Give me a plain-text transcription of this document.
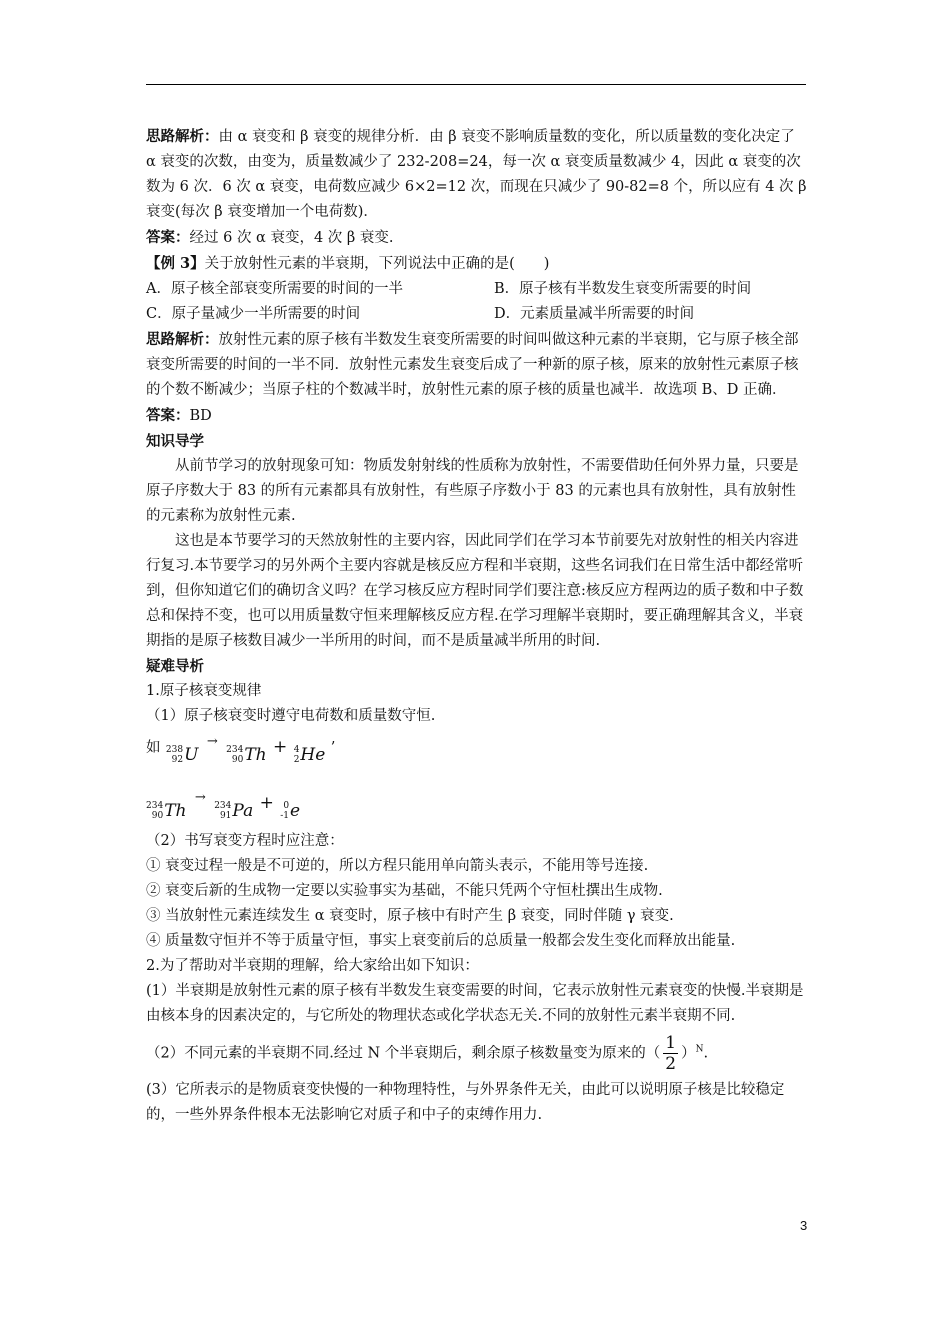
思路解析：由 α 衰变和 β 衰变的规律分析．由 β 衰变不影响质量数的变化，所以质量数的变化决定了 α 衰变的次数，由变为，质量数减少了 232-208=24，每一次 α 衰变质量数减少 4，因此 α 衰变的次数为 6 次．6 次 α 衰变，电荷数应减少 6×2=12 次，而现在只减少了 90-82=8 个，所以应有 4 次 β 衰变(每次 β 衰变增加一个电荷数)．

答案：经过 6 次 α 衰变，4 次 β 衰变.

【例 3】关于放射性元素的半衰期，下列说法中正确的是(　　)

A．原子核全部衰变所需要的时间的一半	B．原子核有半数发生衰变所需要的时间
C．原子量减少一半所需要的时间	D．元素质量减半所需要的时间

思路解析：放射性元素的原子核有半数发生衰变所需要的时间叫做这种元素的半衰期，它与原子核全部衰变所需要的时间的一半不同．放射性元素发生衰变后成了一种新的原子核，原来的放射性元素原子核的个数不断减少；当原子柱的个数减半时，放射性元素的原子核的质量也减半．故选项 B、D 正确．

答案：BD

知识导学

从前节学习的放射现象可知：物质发射射线的性质称为放射性，不需要借助任何外界力量，只要是原子序数大于 83 的所有元素都具有放射性，有些原子序数小于 83 的元素也具有放射性，具有放射性的元素称为放射性元素.

这也是本节要学习的天然放射性的主要内容，因此同学们在学习本节前要先对放射性的相关内容进行复习.本节要学习的另外两个主要内容就是核反应方程和半衰期，这些名词我们在日常生活中都经常听到，但你知道它们的确切含义吗？在学习核反应方程时同学们要注意:核反应方程两边的质子数和中子数总和保持不变，也可以用质量数守恒来理解核反应方程.在学习理解半衰期时，要正确理解其含义，半衰期指的是原子核数目减少一半所用的时间，而不是质量减半所用的时间.

疑难导析

1.原子核衰变规律

（1）原子核衰变时遵守电荷数和质量数守恒.

如 238
92 U
→
234
90 Th + 4
2 He ’
234
90 Th
→
234
91 Pa +	0
-1 e

（2）书写衰变方程时应注意：

① 衰变过程一般是不可逆的，所以方程只能用单向箭头表示，不能用等号连接.

② 衰变后新的生成物一定要以实验事实为基础，不能只凭两个守恒杜撰出生成物.

③ 当放射性元素连续发生 α 衰变时，原子核中有时产生 β 衰变，同时伴随 γ 衰变.

④ 质量数守恒并不等于质量守恒，事实上衰变前后的总质量一般都会发生变化而释放出能量.

2.为了帮助对半衰期的理解，给大家给出如下知识：

(1）半衰期是放射性元素的原子核有半数发生衰变需要的时间，它表示放射性元素衰变的快慢.半衰期是由核本身的因素决定的，与它所处的物理状态或化学状态无关.不同的放射性元素半衰期不同.

（2）不同元素的半衰期不同.经过 N 个半衰期后，剩余原子核数量变为原来的（ $\frac{1}{2} )^N$.

(3）它所表示的是物质衰变快慢的一种物理特性，与外界条件无关，由此可以说明原子核是比较稳定的，一些外界条件根本无法影响它对质子和中子的束缚作用力.

3
